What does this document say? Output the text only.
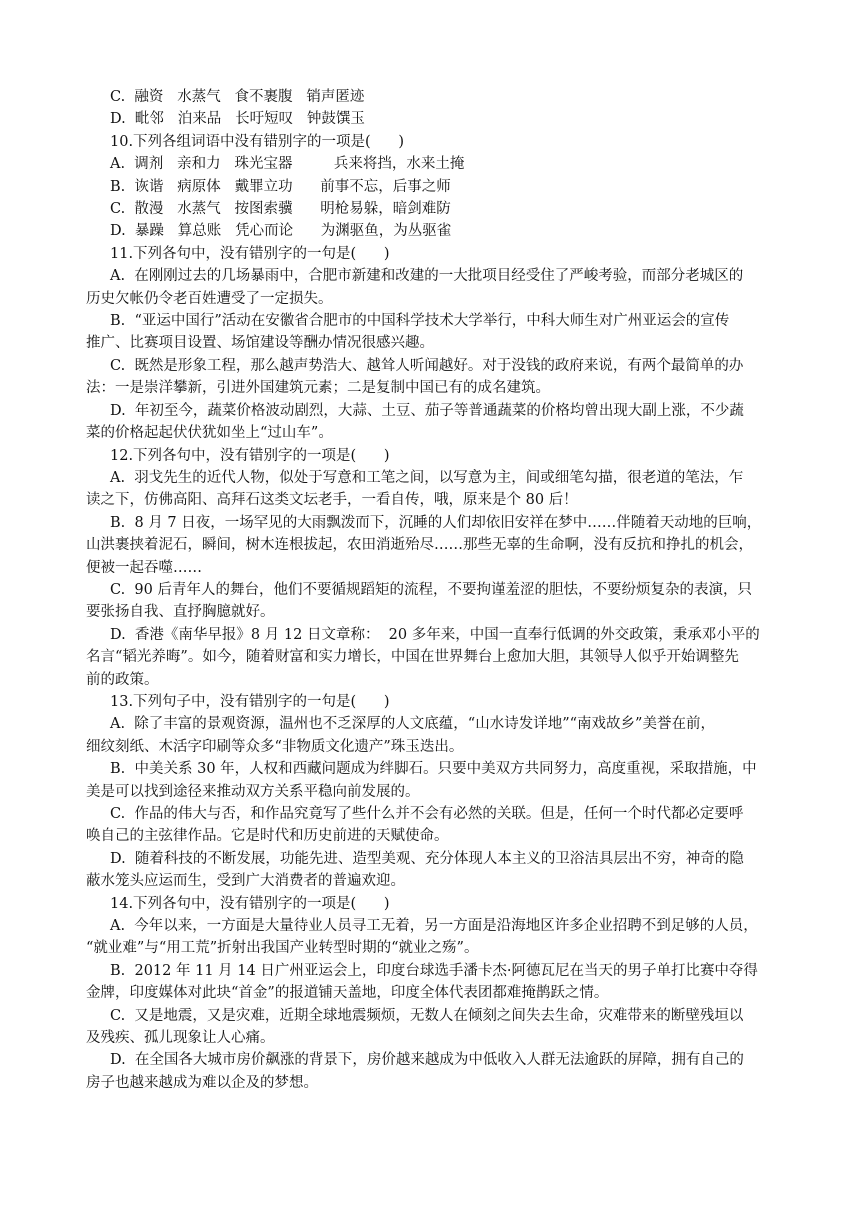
C.  融资   水蒸气   食不裹腹   销声匿迹
D.  毗邻   泊来品   长吁短叹   钟鼓馔玉
10.下列各组词语中没有错别字的一项是(      )
A.  调剂   亲和力   珠光宝器         兵来将挡，水来土掩
B.  诙谐   病原体   戴罪立功      前事不忘，后事之师
C.  散漫   水蒸气   按图索骥      明枪易躲，暗剑难防
D.  暴躁   算总账   凭心而论      为渊驱鱼，为丛驱雀
11.下列各句中，没有错别字的一句是(      )
A.  在刚刚过去的几场暴雨中，合肥市新建和改建的一大批项目经受住了严峻考验，而部分老城区的
历史欠帐仍令老百姓遭受了一定损失。
B.  “亚运中国行”活动在安徽省合肥市的中国科学技术大学举行，中科大师生对广州亚运会的宣传
推广、比赛项目设置、场馆建设等酬办情况很感兴趣。
C.  既然是形象工程，那么越声势浩大、越耸人听闻越好。对于没钱的政府来说，有两个最简单的办
法：一是崇洋攀新，引进外国建筑元素；二是复制中国已有的成名建筑。
D.  年初至今，蔬菜价格波动剧烈，大蒜、土豆、茄子等普通蔬菜的价格均曾出现大副上涨，不少蔬
菜的价格起起伏伏犹如坐上“过山车”。
12.下列各句中，没有错别字的一项是(      )
A.  羽戈先生的近代人物，似处于写意和工笔之间，以写意为主，间或细笔勾描，很老道的笔法，乍
读之下，仿佛高阳、高拜石这类文坛老手，一看自传，哦，原来是个 80 后！
B.  8 月 7 日夜，一场罕见的大雨飘泼而下，沉睡的人们却依旧安祥在梦中……伴随着天动地的巨响，
山洪裹挟着泥石，瞬间，树木连根拔起，农田消逝殆尽……那些无辜的生命啊，没有反抗和挣扎的机会，
便被一起吞噬……
C.  90 后青年人的舞台，他们不要循规蹈矩的流程，不要拘谨羞涩的胆怯，不要纷烦复杂的表演，只
要张扬自我、直抒胸臆就好。
D.  香港《南华早报》8 月 12 日文章称：  20 多年来，中国一直奉行低调的外交政策，秉承邓小平的
名言“韬光养晦”。如今，随着财富和实力增长，中国在世界舞台上愈加大胆，其领导人似乎开始调整先
前的政策。
13.下列句子中，没有错别字的一句是(      )
A.  除了丰富的景观资源，温州也不乏深厚的人文底蕴，“山水诗发详地”“南戏故乡”美誉在前，
细纹刻纸、木活字印刷等众多“非物质文化遗产”珠玉迭出。
B.  中美关系 30 年，人权和西藏问题成为绊脚石。只要中美双方共同努力，高度重视，采取措施，中
美是可以找到途径来推动双方关系平稳向前发展的。
C.  作品的伟大与否，和作品究竟写了些什么并不会有必然的关联。但是，任何一个时代都必定要呼
唤自己的主弦律作品。它是时代和历史前进的天赋使命。
D.  随着科技的不断发展，功能先进、造型美观、充分体现人本主义的卫浴洁具层出不穷，神奇的隐
蔽水笼头应运而生，受到广大消费者的普遍欢迎。
14.下列各句中，没有错别字的一项是(      )
A.  今年以来，一方面是大量待业人员寻工无着，另一方面是沿海地区许多企业招聘不到足够的人员，
“就业难”与“用工荒”折射出我国产业转型时期的“就业之殇”。
B.  2012 年 11 月 14 日广州亚运会上，印度台球选手潘卡杰·阿德瓦尼在当天的男子单打比赛中夺得
金牌，印度媒体对此块“首金”的报道铺天盖地，印度全体代表团都难掩鹊跃之情。
C.  又是地震，又是灾难，近期全球地震频烦，无数人在倾刻之间失去生命，灾难带来的断壁残垣以
及残疾、孤儿现象让人心痛。
D.  在全国各大城市房价飙涨的背景下，房价越来越成为中低收入人群无法逾跃的屏障，拥有自己的
房子也越来越成为难以企及的梦想。
